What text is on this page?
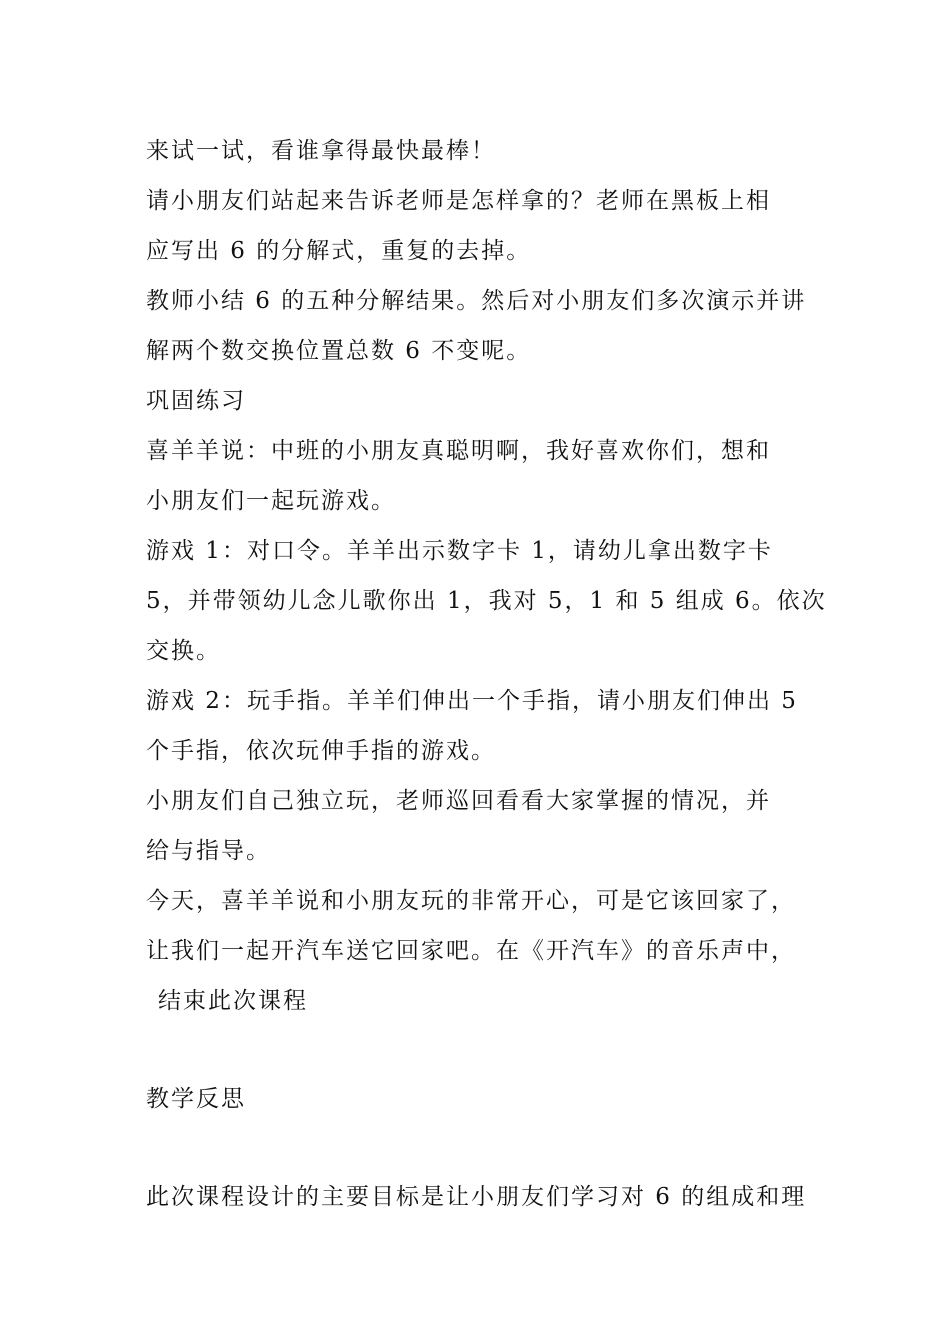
来试一试，看谁拿得最快最棒！
请小朋友们站起来告诉老师是怎样拿的？老师在黑板上相
应写出 6 的分解式，重复的去掉。
教师小结 6 的五种分解结果。然后对小朋友们多次演示并讲
解两个数交换位置总数 6 不变呢。
巩固练习
喜羊羊说：中班的小朋友真聪明啊，我好喜欢你们，想和
小朋友们一起玩游戏。
游戏 1：对口令。羊羊出示数字卡 1，请幼儿拿出数字卡
5，并带领幼儿念儿歌你出 1，我对 5，1 和 5 组成 6。依次
交换。
游戏 2：玩手指。羊羊们伸出一个手指，请小朋友们伸出 5
个手指，依次玩伸手指的游戏。
小朋友们自己独立玩，老师巡回看看大家掌握的情况，并
给与指导。
今天，喜羊羊说和小朋友玩的非常开心，可是它该回家了，
让我们一起开汽车送它回家吧。在《开汽车》的音乐声中，
结束此次课程
教学反思
此次课程设计的主要目标是让小朋友们学习对 6 的组成和理
